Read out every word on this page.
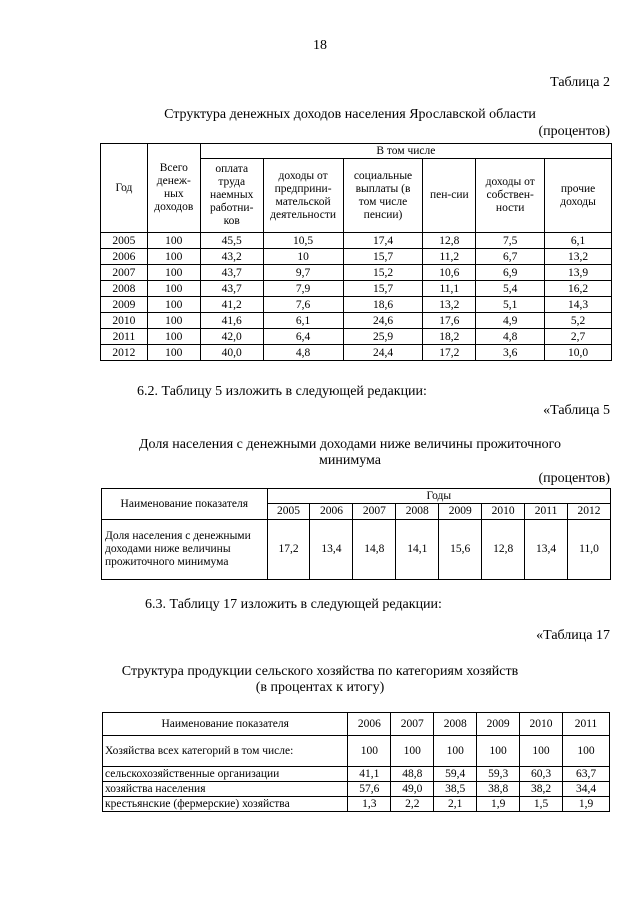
18
Таблица 2
Структура денежных доходов населения Ярославской области
(процентов)
Год	Всего денеж-ных доходов	В том числе					
		оплата труда наемных работни-ков	доходы от предприни-мательской деятельности	социальные выплаты (в том числе пенсии)	пен-сии	доходы от собствен-ности	прочие доходы
2005	100	45,5	10,5	17,4	12,8	7,5	6,1
2006	100	43,2	10	15,7	11,2	6,7	13,2
2007	100	43,7	9,7	15,2	10,6	6,9	13,9
2008	100	43,7	7,9	15,7	11,1	5,4	16,2
2009	100	41,2	7,6	18,6	13,2	5,1	14,3
2010	100	41,6	6,1	24,6	17,6	4,9	5,2
2011	100	42,0	6,4	25,9	18,2	4,8	2,7
2012	100	40,0	4,8	24,4	17,2	3,6	10,0
6.2. Таблицу 5 изложить в следующей редакции:
«Таблица 5
Доля населения с денежными доходами ниже величины прожиточного минимума
(процентов)
Наименование показателя	Годы							
	2005	2006	2007	2008	2009	2010	2011	2012
Доля населения с денежными доходами ниже величины прожиточного минимума	17,2	13,4	14,8	14,1	15,6	12,8	13,4	11,0
6.3. Таблицу 17 изложить в следующей редакции:
«Таблица 17
Структура продукции сельского хозяйства по категориям хозяйств
(в процентах к итогу)
Наименование показателя	2006	2007	2008	2009	2010	2011
Хозяйства всех категорий в том числе:	100	100	100	100	100	100
сельскохозяйственные организации	41,1	48,8	59,4	59,3	60,3	63,7
хозяйства населения	57,6	49,0	38,5	38,8	38,2	34,4
крестьянские (фермерские) хозяйства	1,3	2,2	2,1	1,9	1,5	1,9
